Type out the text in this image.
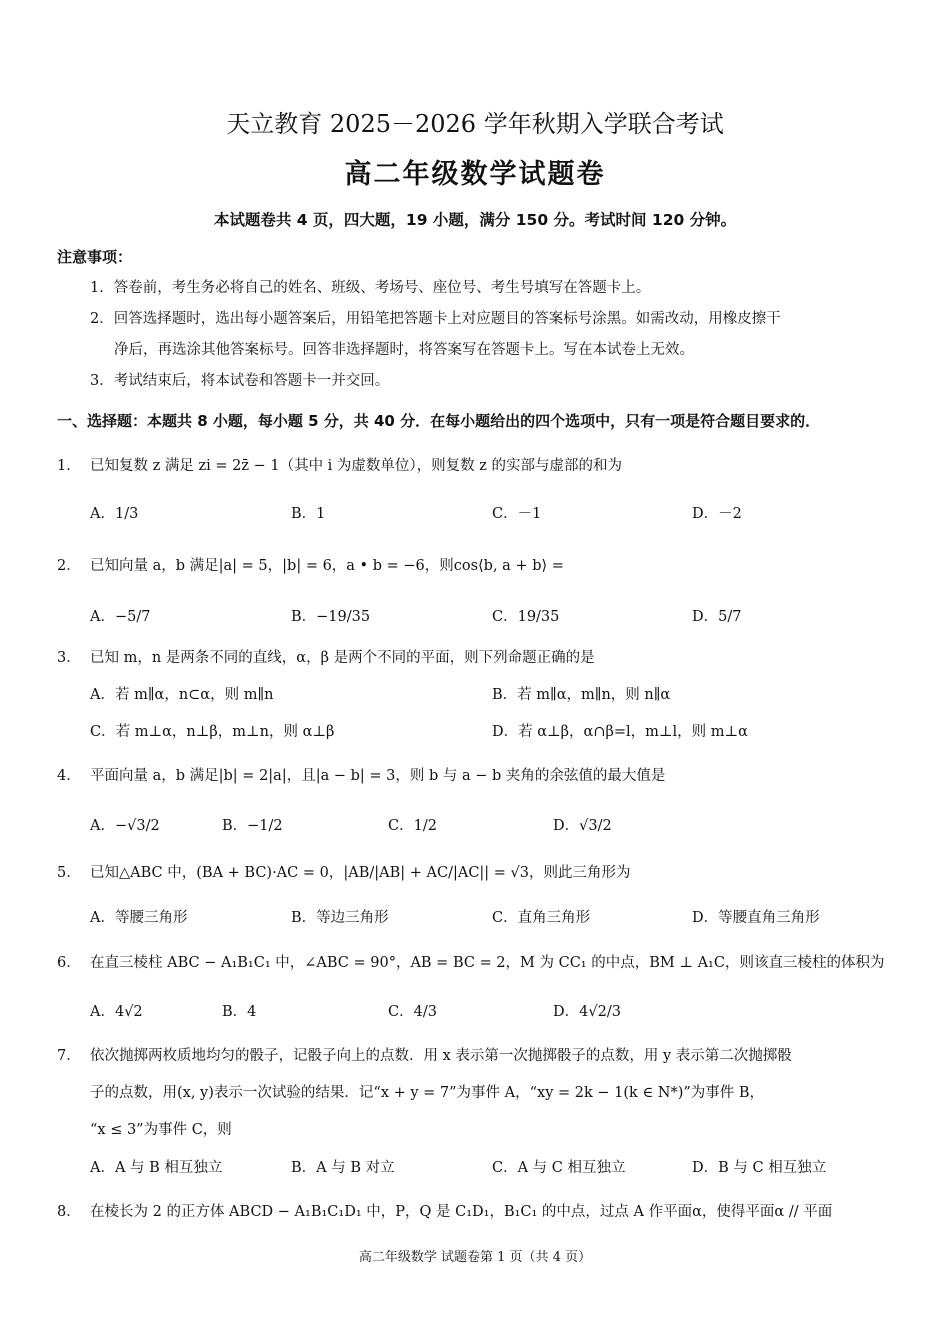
天立教育 2025－2026 学年秋期入学联合考试
高二年级数学试题卷
本试题卷共 4 页，四大题，19 小题，满分 150 分。考试时间 120 分钟。
注意事项：
1．答卷前，考生务必将自己的姓名、班级、考场号、座位号、考生号填写在答题卡上。
2．回答选择题时，选出每小题答案后，用铅笔把答题卡上对应题目的答案标号涂黑。如需改动，用橡皮擦干
净后，再选涂其他答案标号。回答非选择题时，将答案写在答题卡上。写在本试卷上无效。
3．考试结束后，将本试卷和答题卡一并交回。
一、选择题：本题共 8 小题，每小题 5 分，共 40 分．在每小题给出的四个选项中，只有一项是符合题目要求的．
1． 已知复数 z 满足 zi = 2z̄ − 1（其中 i 为虚数单位），则复数 z 的实部与虚部的和为
A．1/3	B．1	C．－1	D．－2
2． 已知向量 a，b 满足|a| = 5，|b| = 6，a • b = −6，则cos⟨b, a + b⟩ =
A．−5/7	B．−19/35	C．19/35	D．5/7
3． 已知 m，n 是两条不同的直线，α，β 是两个不同的平面，则下列命题正确的是
A．若 m∥α，n⊂α，则 m∥n	B．若 m∥α，m∥n，则 n∥α
C．若 m⊥α，n⊥β，m⊥n，则 α⊥β	D．若 α⊥β，α∩β=l，m⊥l，则 m⊥α
4． 平面向量 a，b 满足|b| = 2|a|，且|a − b| = 3，则 b 与 a − b 夹角的余弦值的最大值是
A．−√3/2	B．−1/2	C．1/2	D．√3/2
5． 已知△ABC 中，(BA + BC)·AC = 0，|AB/|AB| + AC/|AC|| = √3，则此三角形为
A．等腰三角形	B．等边三角形	C．直角三角形	D．等腰直角三角形
6． 在直三棱柱 ABC − A₁B₁C₁ 中，∠ABC = 90°，AB = BC = 2，M 为 CC₁ 的中点，BM ⊥ A₁C，则该直三棱柱的体积为
A．4√2	B．4	C．4/3	D．4√2/3
7． 依次抛掷两枚质地均匀的骰子，记骰子向上的点数．用 x 表示第一次抛掷骰子的点数，用 y 表示第二次抛掷骰
子的点数，用(x, y)表示一次试验的结果．记“x + y = 7”为事件 A，“xy = 2k − 1(k ∈ N*)”为事件 B，
“x ≤ 3”为事件 C，则
A．A 与 B 相互独立	B．A 与 B 对立	C．A 与 C 相互独立	D．B 与 C 相互独立
8． 在棱长为 2 的正方体 ABCD − A₁B₁C₁D₁ 中，P，Q 是 C₁D₁，B₁C₁ 的中点，过点 A 作平面α，使得平面α // 平面
高二年级数学 试题卷第 1 页（共 4 页）
